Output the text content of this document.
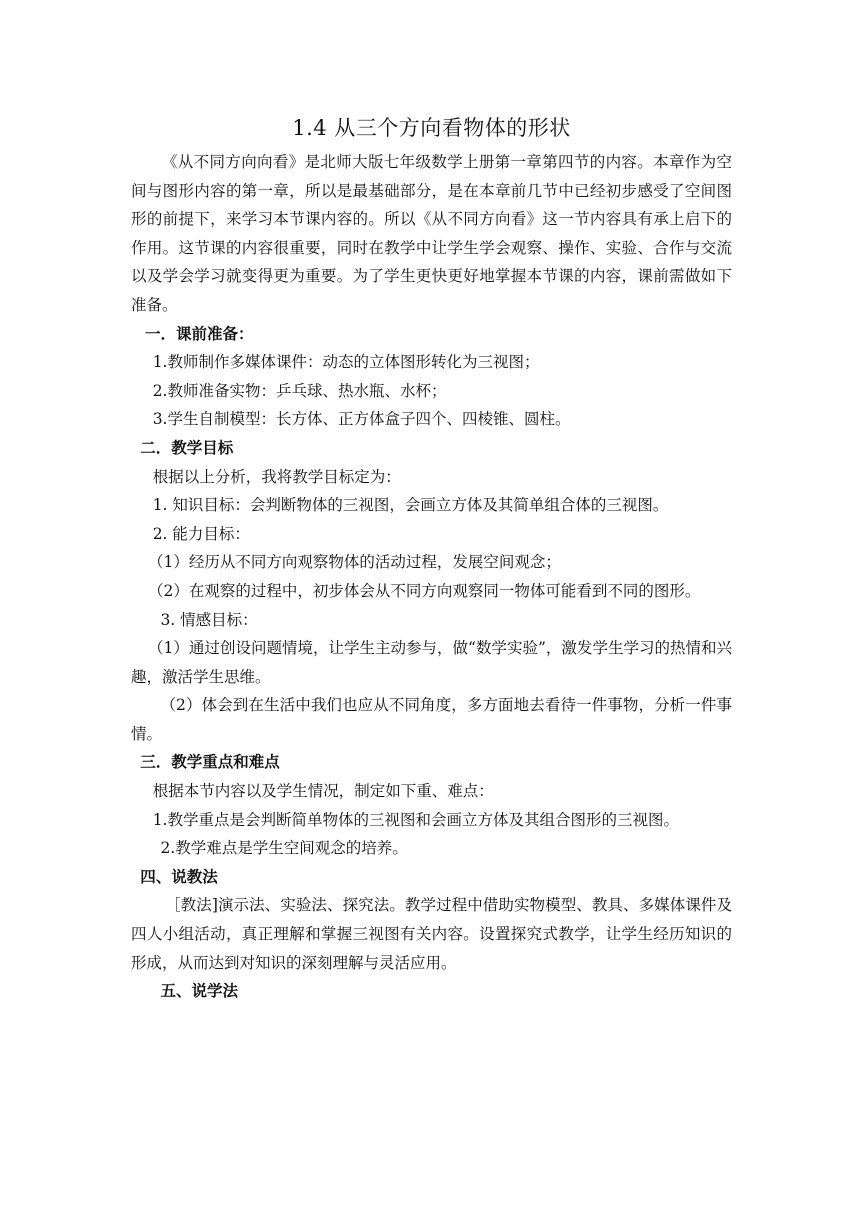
1.4 从三个方向看物体的形状

《从不同方向向看》是北师大版七年级数学上册第一章第四节的内容。本章作为空间与图形内容的第一章，所以是最基础部分，是在本章前几节中已经初步感受了空间图形的前提下，来学习本节课内容的。所以《从不同方向看》这一节内容具有承上启下的作用。这节课的内容很重要，同时在教学中让学生学会观察、操作、实验、合作与交流以及学会学习就变得更为重要。为了学生更快更好地掌握本节课的内容，课前需做如下准备。

一．课前准备：

1.教师制作多媒体课件：动态的立体图形转化为三视图；

2.教师准备实物：乒乓球、热水瓶、水杯；

3.学生自制模型：长方体、正方体盒子四个、四棱锥、圆柱。

二．教学目标

根据以上分析，我将教学目标定为：

1. 知识目标：会判断物体的三视图，会画立方体及其简单组合体的三视图。

2. 能力目标：

（1）经历从不同方向观察物体的活动过程，发展空间观念；

（2）在观察的过程中，初步体会从不同方向观察同一物体可能看到不同的图形。

3. 情感目标：

（1）通过创设问题情境，让学生主动参与，做“数学实验”，激发学生学习的热情和兴趣，激活学生思维。

（2）体会到在生活中我们也应从不同角度，多方面地去看待一件事物，分析一件事情。

三．教学重点和难点

根据本节内容以及学生情况，制定如下重、难点：

1.教学重点是会判断简单物体的三视图和会画立方体及其组合图形的三视图。

2.教学难点是学生空间观念的培养。

四、说教法

［教法]演示法、实验法、探究法。教学过程中借助实物模型、教具、多媒体课件及四人小组活动，真正理解和掌握三视图有关内容。设置探究式教学，让学生经历知识的形成，从而达到对知识的深刻理解与灵活应用。

五、说学法
